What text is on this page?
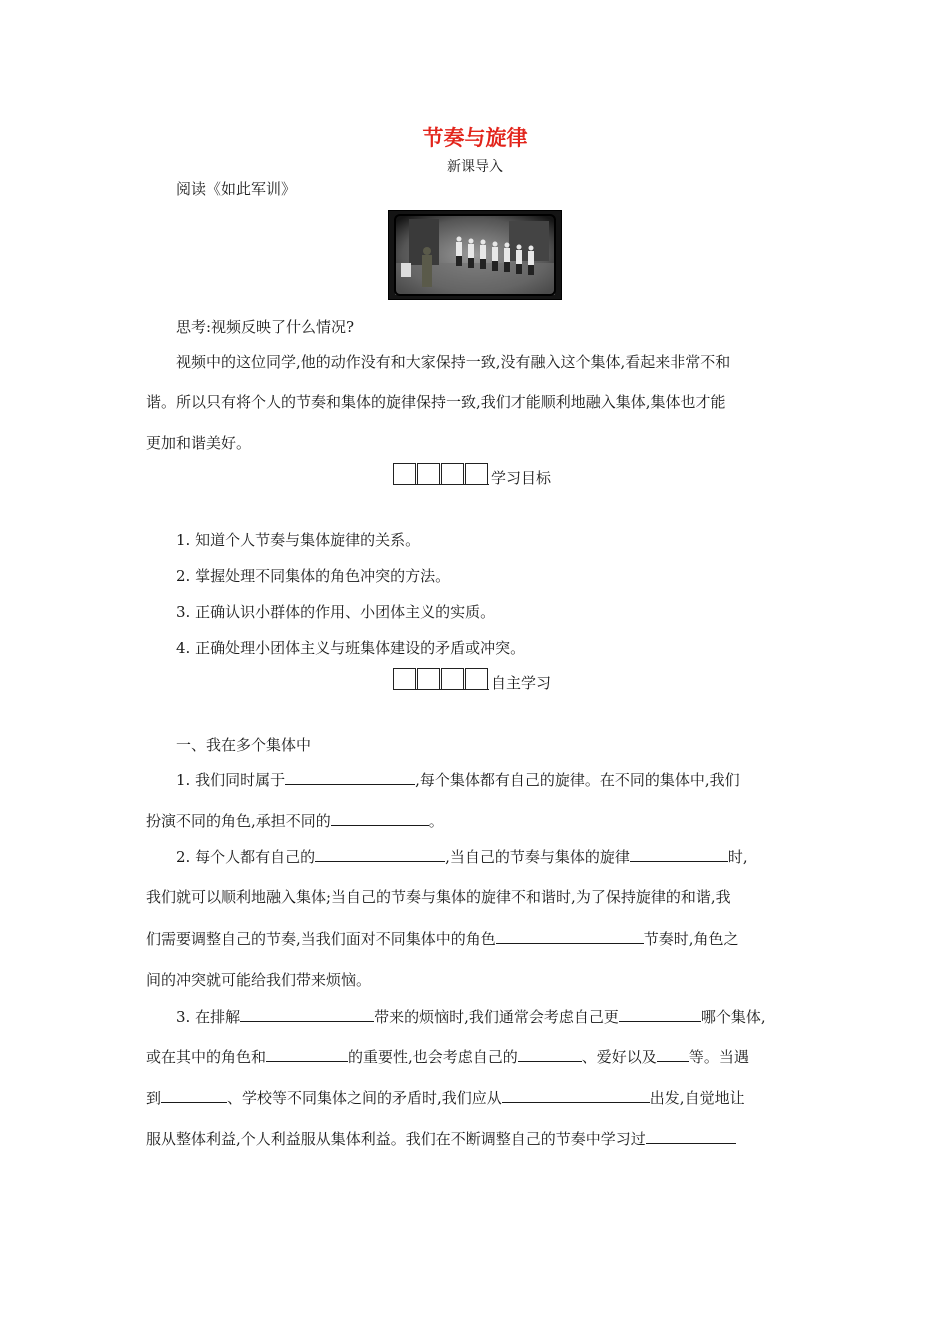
节奏与旋律
新课导入
阅读《如此军训》
思考:视频反映了什么情况?
视频中的这位同学,他的动作没有和大家保持一致,没有融入这个集体,看起来非常不和
谐。所以只有将个人的节奏和集体的旋律保持一致,我们才能顺利地融入集体,集体也才能
更加和谐美好。
学习目标
1. 知道个人节奏与集体旋律的关系。
2. 掌握处理不同集体的角色冲突的方法。
3. 正确认识小群体的作用、小团体主义的实质。
4. 正确处理小团体主义与班集体建设的矛盾或冲突。
自主学习
一、我在多个集体中
1. 我们同时属于	,每个集体都有自己的旋律。在不同的集体中,我们
扮演不同的角色,承担不同的	。
2. 每个人都有自己的	,当自己的节奏与集体的旋律	时,
我们就可以顺利地融入集体;当自己的节奏与集体的旋律不和谐时,为了保持旋律的和谐,我
们需要调整自己的节奏,当我们面对不同集体中的角色	节奏时,角色之
间的冲突就可能给我们带来烦恼。
3. 在排解	带来的烦恼时,我们通常会考虑自己更	哪个集体,
或在其中的角色和	的重要性,也会考虑自己的	、爱好以及 等。当遇
到	、学校等不同集体之间的矛盾时,我们应从	出发,自觉地让
服从整体利益,个人利益服从集体利益。我们在不断调整自己的节奏中学习过
